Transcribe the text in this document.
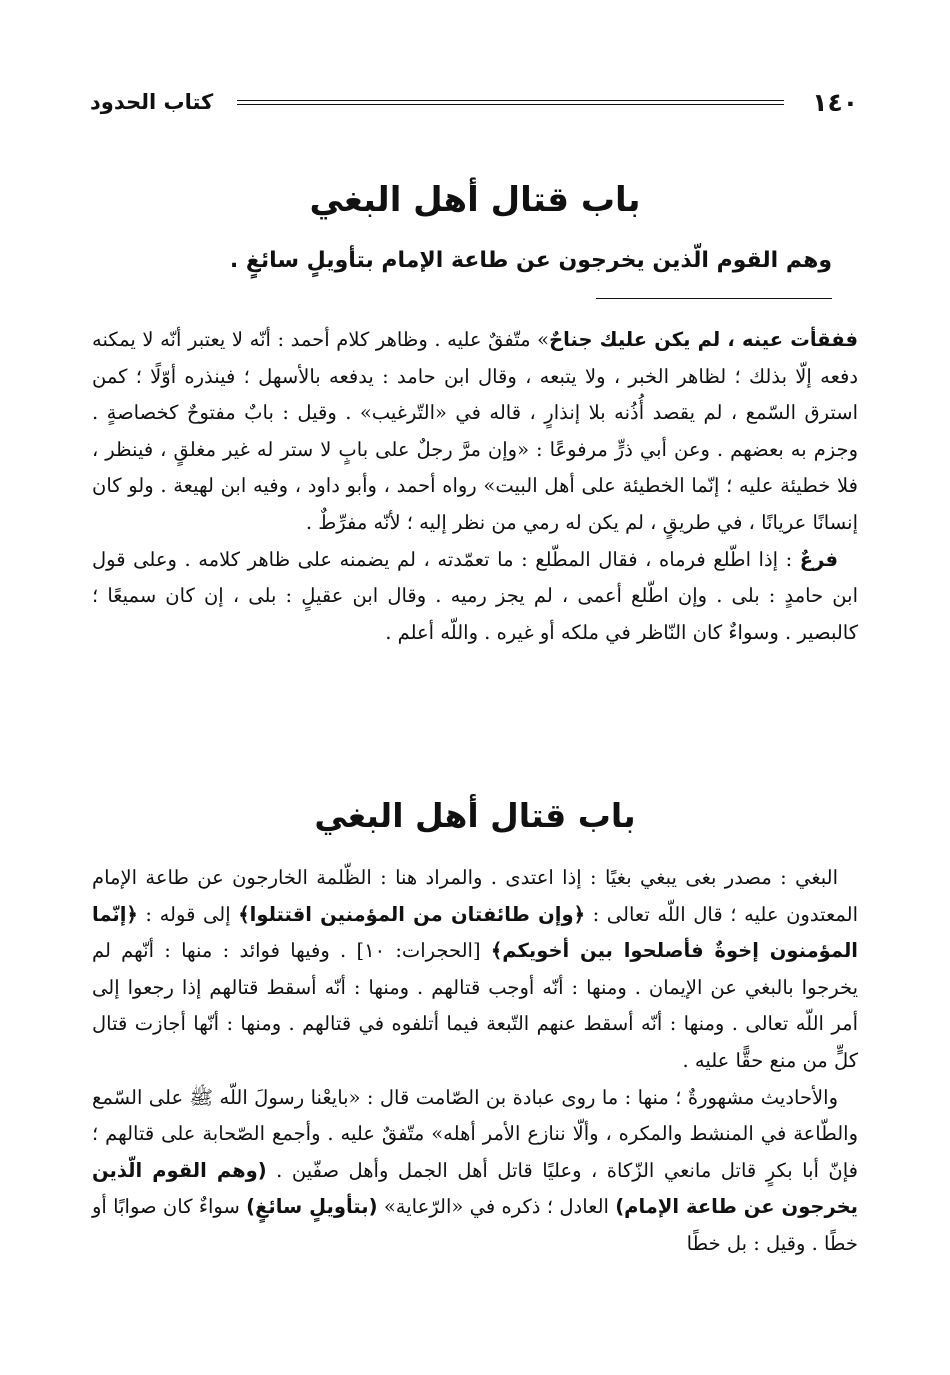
١٤٠
كتاب الحدود
باب قتال أهل البغي
وهم القوم الّذين يخرجون عن طاعة الإمام بتأويلٍ سائغٍ .

ففقأت عينه ، لم يكن عليك جناحٌ» متّفقٌ عليه . وظاهر كلام أحمد : أنّه لا يعتبر أنّه لا يمكنه دفعه إلّا بذلك ؛ لظاهر الخبر ، ولا يتبعه ، وقال ابن حامد : يدفعه بالأسهل ؛ فينذره أوّلًا ؛ كمن استرق السّمع ، لم يقصد أُذُنه بلا إنذارٍ ، قاله في «التّرغيب» . وقيل : بابٌ مفتوحٌ كخصاصةٍ . وجزم به بعضهم . وعن أبي ذرٍّ مرفوعًا : «وإن مرَّ رجلٌ على بابٍ لا ستر له غير مغلقٍ ، فينظر ، فلا خطيئة عليه ؛ إنّما الخطيئة على أهل البيت» رواه أحمد ، وأبو داود ، وفيه ابن لهيعة . ولو كان إنسانًا عريانًا ، في طريقٍ ، لم يكن له رمي من نظر إليه ؛ لأنّه مفرِّطٌ .

فرعٌ : إذا اطّلع فرماه ، فقال المطّلع : ما تعمّدته ، لم يضمنه على ظاهر كلامه . وعلى قول ابن حامدٍ : بلى . وإن اطّلع أعمى ، لم يجز رميه . وقال ابن عقيلٍ : بلى ، إن كان سميعًا ؛ كالبصير . وسواءٌ كان النّاظر في ملكه أو غيره . واللّه أعلم .

باب قتال أهل البغي

البغي : مصدر بغى يبغي بغيًا : إذا اعتدى . والمراد هنا : الظّلمة الخارجون عن طاعة الإمام المعتدون عليه ؛ قال اللّه تعالى : ﴿وإن طائفتان من المؤمنين اقتتلوا﴾ إلى قوله : ﴿إنّما المؤمنون إخوةٌ فأصلحوا بين أخويكم﴾ [الحجرات: ١٠] . وفيها فوائد : منها : أنّهم لم يخرجوا بالبغي عن الإيمان . ومنها : أنّه أوجب قتالهم . ومنها : أنّه أسقط قتالهم إذا رجعوا إلى أمر اللّه تعالى . ومنها : أنّه أسقط عنهم التّبعة فيما أتلفوه في قتالهم . ومنها : أنّها أجازت قتال كلٍّ من منع حقًّا عليه .

والأحاديث مشهورةٌ ؛ منها : ما روى عبادة بن الصّامت قال : «بايعْنا رسولَ اللّه ﷺ على السّمع والطّاعة في المنشط والمكره ، وألّا ننازع الأمر أهله» متّفقٌ عليه . وأجمع الصّحابة على قتالهم ؛ فإنّ أبا بكرٍ قاتل مانعي الزّكاة ، وعليًا قاتل أهل الجمل وأهل صفّين . (وهم القوم الّذين يخرجون عن طاعة الإمام) العادل ؛ ذكره في «الرّعاية» (بتأويلٍ سائغٍ) سواءٌ كان صوابًا أو خطًا . وقيل : بل خطًا
